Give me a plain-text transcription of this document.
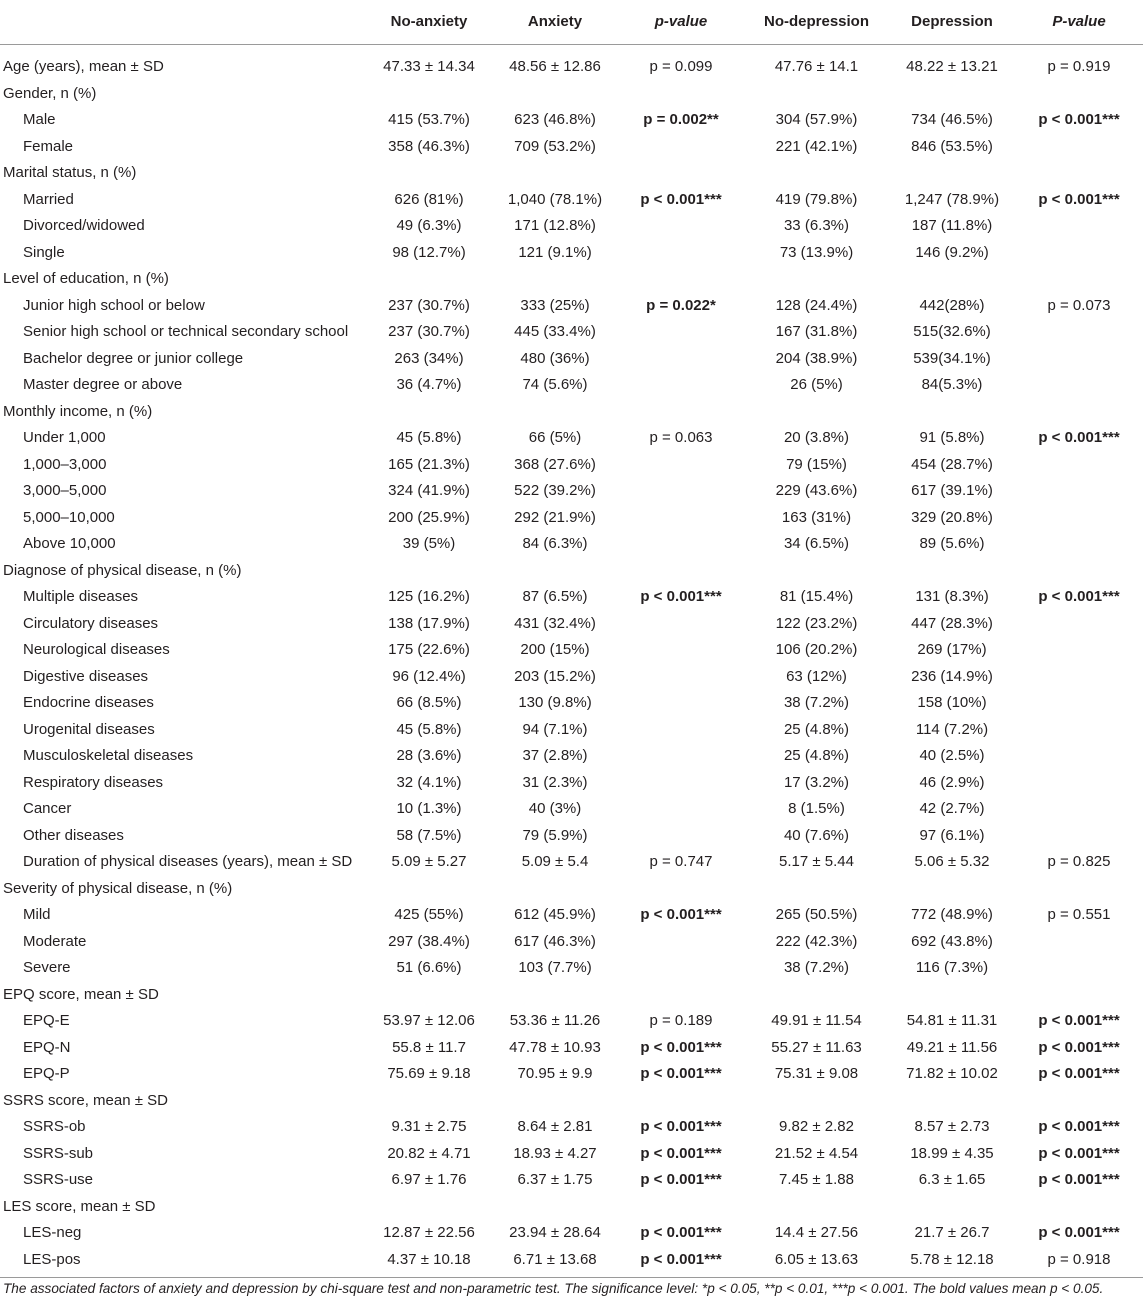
	No-anxiety	Anxiety	p-value	No-depression	Depression	P-value
Age (years), mean ± SD	47.33 ± 14.34	48.56 ± 12.86	p = 0.099	47.76 ± 14.1	48.22 ± 13.21	p = 0.919
Gender, n (%)						
Male	415 (53.7%)	623 (46.8%)	p = 0.002**	304 (57.9%)	734 (46.5%)	p < 0.001***
Female	358 (46.3%)	709 (53.2%)		221 (42.1%)	846 (53.5%)	
Marital status, n (%)						
Married	626 (81%)	1,040 (78.1%)	p < 0.001***	419 (79.8%)	1,247 (78.9%)	p < 0.001***
Divorced/widowed	49 (6.3%)	171 (12.8%)		33 (6.3%)	187 (11.8%)	
Single	98 (12.7%)	121 (9.1%)		73 (13.9%)	146 (9.2%)	
Level of education, n (%)						
Junior high school or below	237 (30.7%)	333 (25%)	p = 0.022*	128 (24.4%)	442(28%)	p = 0.073
Senior high school or technical secondary school	237 (30.7%)	445 (33.4%)		167 (31.8%)	515(32.6%)	
Bachelor degree or junior college	263 (34%)	480 (36%)		204 (38.9%)	539(34.1%)	
Master degree or above	36 (4.7%)	74 (5.6%)		26 (5%)	84(5.3%)	
Monthly income, n (%)						
Under 1,000	45 (5.8%)	66 (5%)	p = 0.063	20 (3.8%)	91 (5.8%)	p < 0.001***
1,000–3,000	165 (21.3%)	368 (27.6%)		79 (15%)	454 (28.7%)	
3,000–5,000	324 (41.9%)	522 (39.2%)		229 (43.6%)	617 (39.1%)	
5,000–10,000	200 (25.9%)	292 (21.9%)		163 (31%)	329 (20.8%)	
Above 10,000	39 (5%)	84 (6.3%)		34 (6.5%)	89 (5.6%)	
Diagnose of physical disease, n (%)						
Multiple diseases	125 (16.2%)	87 (6.5%)	p < 0.001***	81 (15.4%)	131 (8.3%)	p < 0.001***
Circulatory diseases	138 (17.9%)	431 (32.4%)		122 (23.2%)	447 (28.3%)	
Neurological diseases	175 (22.6%)	200 (15%)		106 (20.2%)	269 (17%)	
Digestive diseases	96 (12.4%)	203 (15.2%)		63 (12%)	236 (14.9%)	
Endocrine diseases	66 (8.5%)	130 (9.8%)		38 (7.2%)	158 (10%)	
Urogenital diseases	45 (5.8%)	94 (7.1%)		25 (4.8%)	114 (7.2%)	
Musculoskeletal diseases	28 (3.6%)	37 (2.8%)		25 (4.8%)	40 (2.5%)	
Respiratory diseases	32 (4.1%)	31 (2.3%)		17 (3.2%)	46 (2.9%)	
Cancer	10 (1.3%)	40 (3%)		8 (1.5%)	42 (2.7%)	
Other diseases	58 (7.5%)	79 (5.9%)		40 (7.6%)	97 (6.1%)	
Duration of physical diseases (years), mean ± SD	5.09 ± 5.27	5.09 ± 5.4	p = 0.747	5.17 ± 5.44	5.06 ± 5.32	p = 0.825
Severity of physical disease, n (%)						
Mild	425 (55%)	612 (45.9%)	p < 0.001***	265 (50.5%)	772 (48.9%)	p = 0.551
Moderate	297 (38.4%)	617 (46.3%)		222 (42.3%)	692 (43.8%)	
Severe	51 (6.6%)	103 (7.7%)		38 (7.2%)	116 (7.3%)	
EPQ score, mean ± SD						
EPQ-E	53.97 ± 12.06	53.36 ± 11.26	p = 0.189	49.91 ± 11.54	54.81 ± 11.31	p < 0.001***
EPQ-N	55.8 ± 11.7	47.78 ± 10.93	p < 0.001***	55.27 ± 11.63	49.21 ± 11.56	p < 0.001***
EPQ-P	75.69 ± 9.18	70.95 ± 9.9	p < 0.001***	75.31 ± 9.08	71.82 ± 10.02	p < 0.001***
SSRS score, mean ± SD						
SSRS-ob	9.31 ± 2.75	8.64 ± 2.81	p < 0.001***	9.82 ± 2.82	8.57 ± 2.73	p < 0.001***
SSRS-sub	20.82 ± 4.71	18.93 ± 4.27	p < 0.001***	21.52 ± 4.54	18.99 ± 4.35	p < 0.001***
SSRS-use	6.97 ± 1.76	6.37 ± 1.75	p < 0.001***	7.45 ± 1.88	6.3 ± 1.65	p < 0.001***
LES score, mean ± SD						
LES-neg	12.87 ± 22.56	23.94 ± 28.64	p < 0.001***	14.4 ± 27.56	21.7 ± 26.7	p < 0.001***
LES-pos	4.37 ± 10.18	6.71 ± 13.68	p < 0.001***	6.05 ± 13.63	5.78 ± 12.18	p = 0.918
The associated factors of anxiety and depression by chi-square test and non-parametric test. The significance level: *p < 0.05, **p < 0.01, ***p < 0.001. The bold values mean p < 0.05.
